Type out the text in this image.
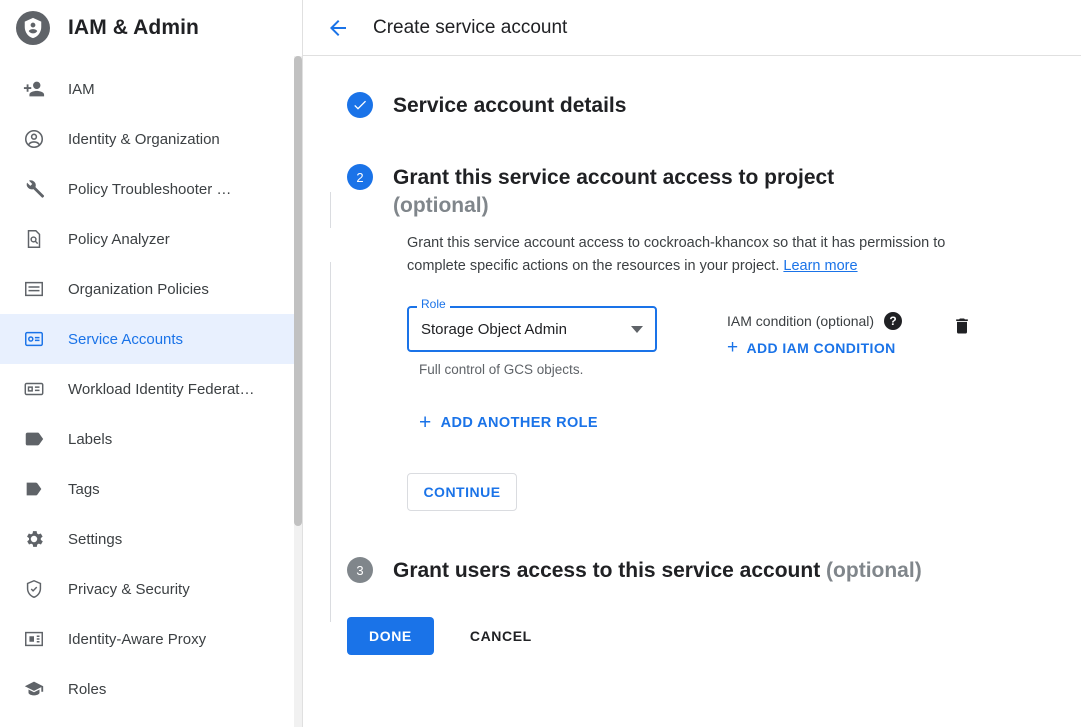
IAM & Admin
IAM
Identity & Organization
Policy Troubleshooter …
Policy Analyzer
Organization Policies
Service Accounts
Workload Identity Federat…
Labels
Tags
Settings
Privacy & Security
Identity-Aware Proxy
Roles
Create service account
Service account details
2	Grant this service account access to project
(optional)
Grant this service account access to cockroach-khancox so that it has permission to complete specific actions on the resources in your project. Learn more
Role
Storage Object Admin
Full control of GCS objects.
IAM condition (optional)	?
+ ADD IAM CONDITION
+ ADD ANOTHER ROLE
CONTINUE
3	Grant users access to this service account (optional)
DONE	CANCEL
